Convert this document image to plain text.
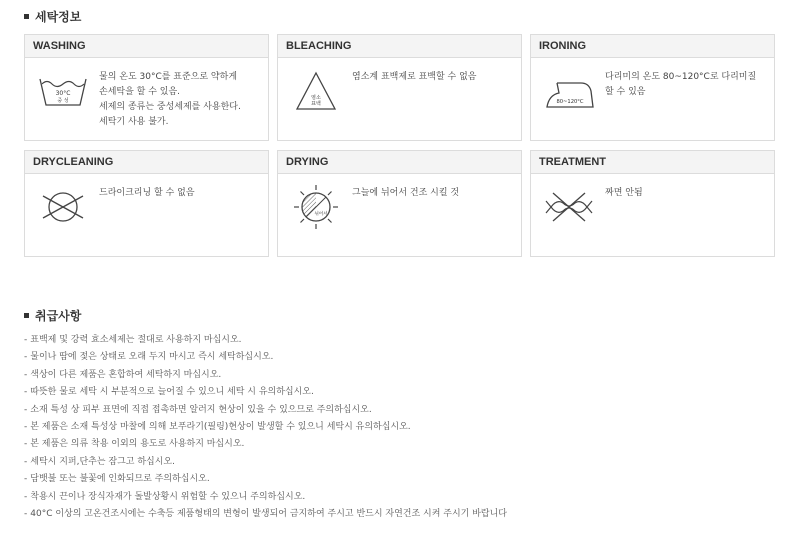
세탁정보
WASHING
30°C
중 성
물의 온도 30°C를 표준으로 약하게
손세탁을 할 수 있음.
세제의 종류는 중성세제를 사용한다.
세탁기 사용 불가.
BLEACHING
염소
표백
염소계 표백제로 표백할 수 없음
IRONING
80~120°C
다리미의 온도 80~120°C로 다리미질
할 수 있음
DRYCLEANING
드라이크리닝 할 수 없음
DRYING
뉘어서
그늘에 뉘어서 건조 시킬 것
TREATMENT
짜면 안됨
취급사항
- 표백제 및 강력 효소세제는 절대로 사용하지 마십시오.
- 물이나 땀에 젖은 상태로 오래 두지 마시고 즉시 세탁하십시오.
- 색상이 다른 제품은 혼합하여 세탁하지 마십시오.
- 따뜻한 물로 세탁 시 부분적으로 늘어질 수 있으니 세탁 시 유의하십시오.
- 소재 특성 상 피부 표면에 직접 접촉하면 알러지 현상이 있을 수 있으므로 주의하십시오.
- 본 제품은 소재 특성상 마찰에 의해 보푸라기(필링)현상이 발생할 수 있으니 세탁시 유의하십시오.
- 본 제품은 의류 착용 이외의 용도로 사용하지 마십시오.
- 세탁시 지퍼,단추는 잠그고 하십시오.
- 담뱃불 또는 불꽃에 인화되므로 주의하십시오.
- 착용시 끈이나 장식자재가 돌발상황시 위험할 수 있으니 주의하십시오.
- 40°C 이상의 고온건조시에는 수축등 제품형태의 변형이 발생되어 금지하여 주시고 반드시 자연건조 시켜 주시기 바랍니다
